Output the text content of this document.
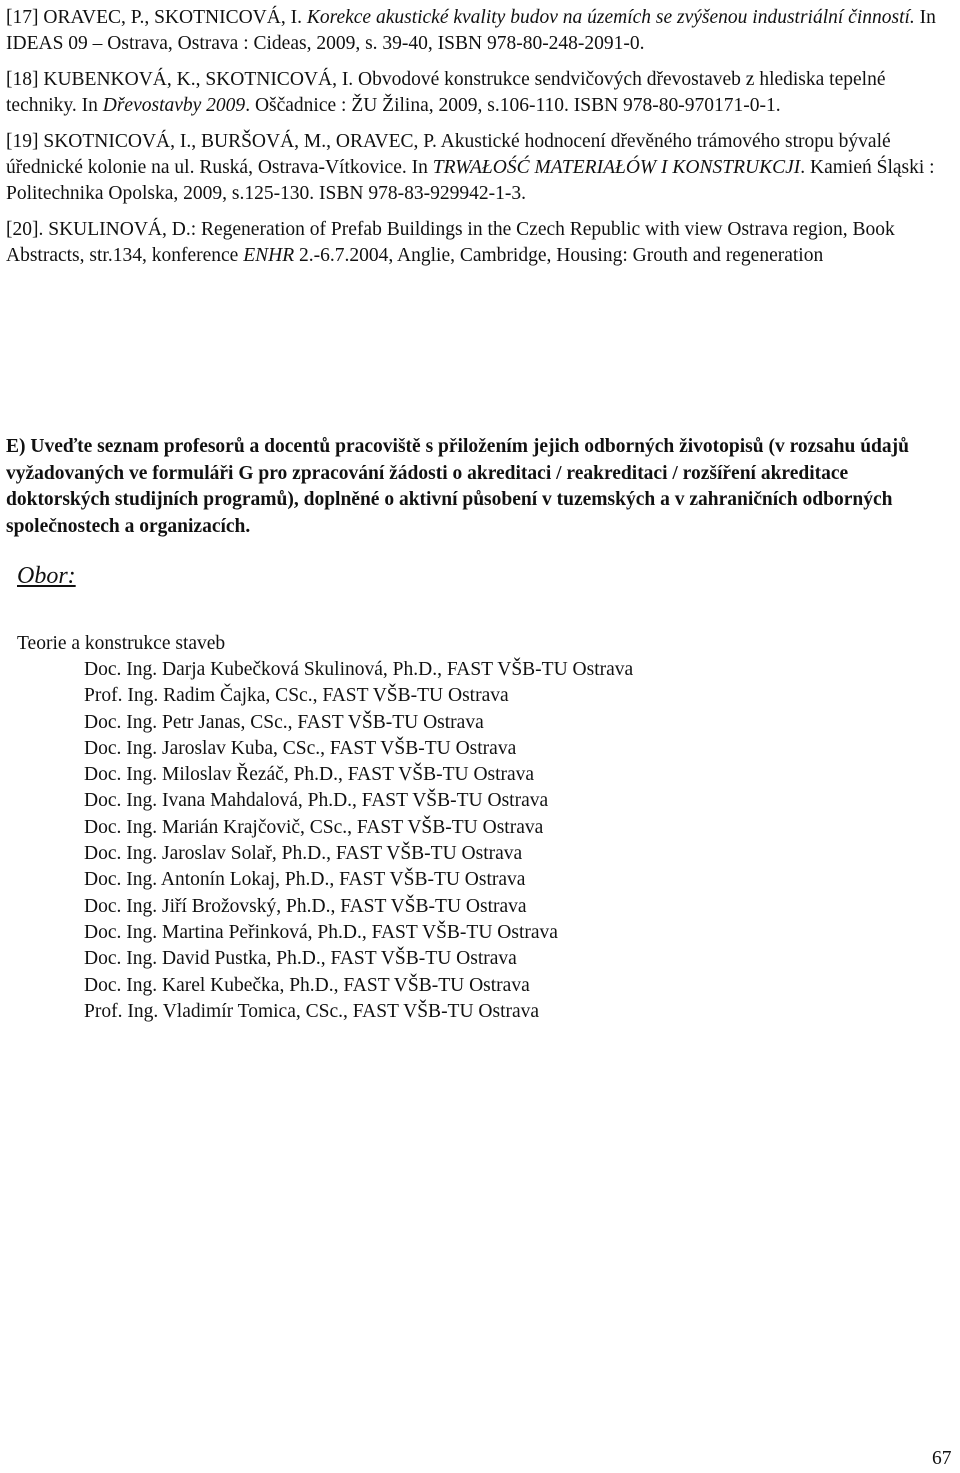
[17] ORAVEC, P., SKOTNICOVÁ, I. Korekce akustické kvality budov na územích se zvýšenou industriální činností. In IDEAS 09 – Ostrava, Ostrava : Cideas, 2009, s. 39-40, ISBN 978-80-248-2091-0.

[18] KUBENKOVÁ, K., SKOTNICOVÁ, I. Obvodové konstrukce sendvičových dřevostaveb z hlediska tepelné techniky. In Dřevostavby 2009. Oščadnice : ŽU Žilina, 2009, s.106-110. ISBN 978-80-970171-0-1.

[19] SKOTNICOVÁ, I., BURŠOVÁ, M., ORAVEC, P. Akustické hodnocení dřevěného trámového stropu bývalé úřednické kolonie na ul. Ruská, Ostrava-Vítkovice. In TRWAŁOŚĆ MATERIAŁÓW I KONSTRUKCJI. Kamień Śląski : Politechnika Opolska, 2009, s.125-130. ISBN 978-83-929942-1-3.

[20]. SKULINOVÁ, D.: Regeneration of Prefab Buildings in the Czech Republic with view Ostrava region, Book Abstracts, str.134, konference ENHR 2.-6.7.2004, Anglie, Cambridge, Housing: Grouth and regeneration

E) Uveďte seznam profesorů a docentů pracoviště s přiložením jejich odborných životopisů (v rozsahu údajů vyžadovaných ve formuláři G pro zpracování žádosti o akreditaci / reakreditaci / rozšíření akreditace doktorských studijních programů), doplněné o aktivní působení v tuzemských a v zahraničních odborných společnostech a organizacích.
Obor:
Teorie a konstrukce staveb
Doc. Ing. Darja Kubečková Skulinová, Ph.D., FAST VŠB-TU Ostrava
Prof. Ing. Radim Čajka, CSc., FAST VŠB-TU Ostrava
Doc. Ing. Petr Janas, CSc., FAST VŠB-TU Ostrava
Doc. Ing. Jaroslav Kuba, CSc., FAST VŠB-TU Ostrava
Doc. Ing. Miloslav Řezáč, Ph.D., FAST VŠB-TU Ostrava
Doc. Ing. Ivana Mahdalová, Ph.D., FAST VŠB-TU Ostrava
Doc. Ing. Marián Krajčovič, CSc., FAST VŠB-TU Ostrava
Doc. Ing. Jaroslav Solař, Ph.D., FAST VŠB-TU Ostrava
Doc. Ing. Antonín Lokaj, Ph.D., FAST VŠB-TU Ostrava
Doc. Ing. Jiří Brožovský, Ph.D., FAST VŠB-TU Ostrava
Doc. Ing. Martina Peřinková, Ph.D., FAST VŠB-TU Ostrava
Doc. Ing. David Pustka, Ph.D., FAST VŠB-TU Ostrava
Doc. Ing. Karel Kubečka, Ph.D., FAST VŠB-TU Ostrava
Prof. Ing. Vladimír Tomica, CSc., FAST VŠB-TU Ostrava
67
